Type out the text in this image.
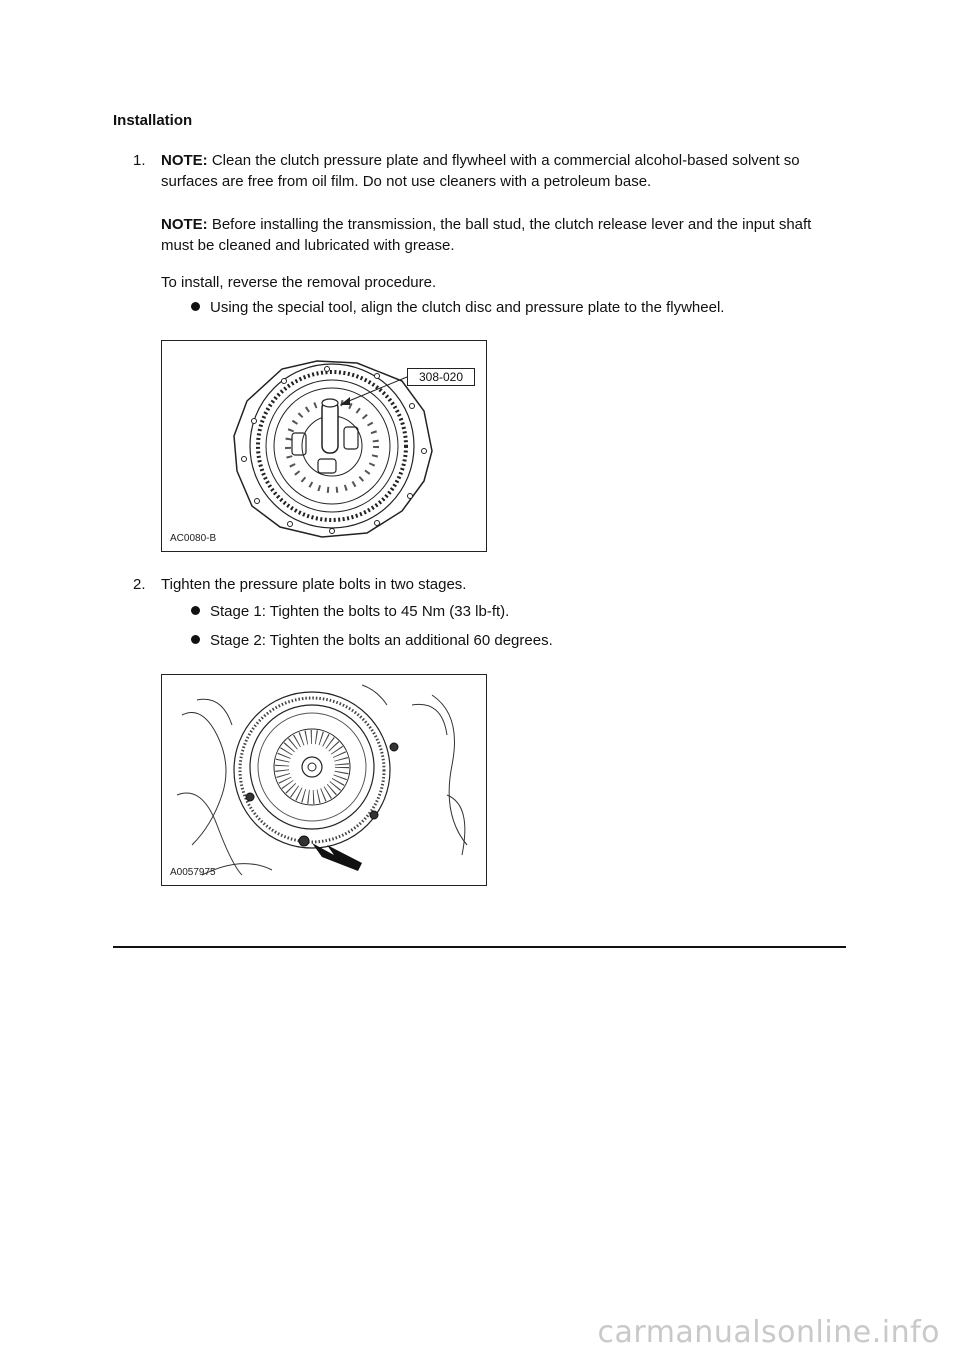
Installation
1. NOTE: Clean the clutch pressure plate and flywheel with a commercial alcohol-based solvent so surfaces are free from oil film. Do not use cleaners with a petroleum base.
NOTE: Before installing the transmission, the ball stud, the clutch release lever and the input shaft must be cleaned and lubricated with grease.
To install, reverse the removal procedure.
Using the special tool, align the clutch disc and pressure plate to the flywheel.
308-020
AC0080-B
2. Tighten the pressure plate bolts in two stages.
Stage 1: Tighten the bolts to 45 Nm (33 lb-ft).
Stage 2: Tighten the bolts an additional 60 degrees.
A0057975
carmanualsonline.info
